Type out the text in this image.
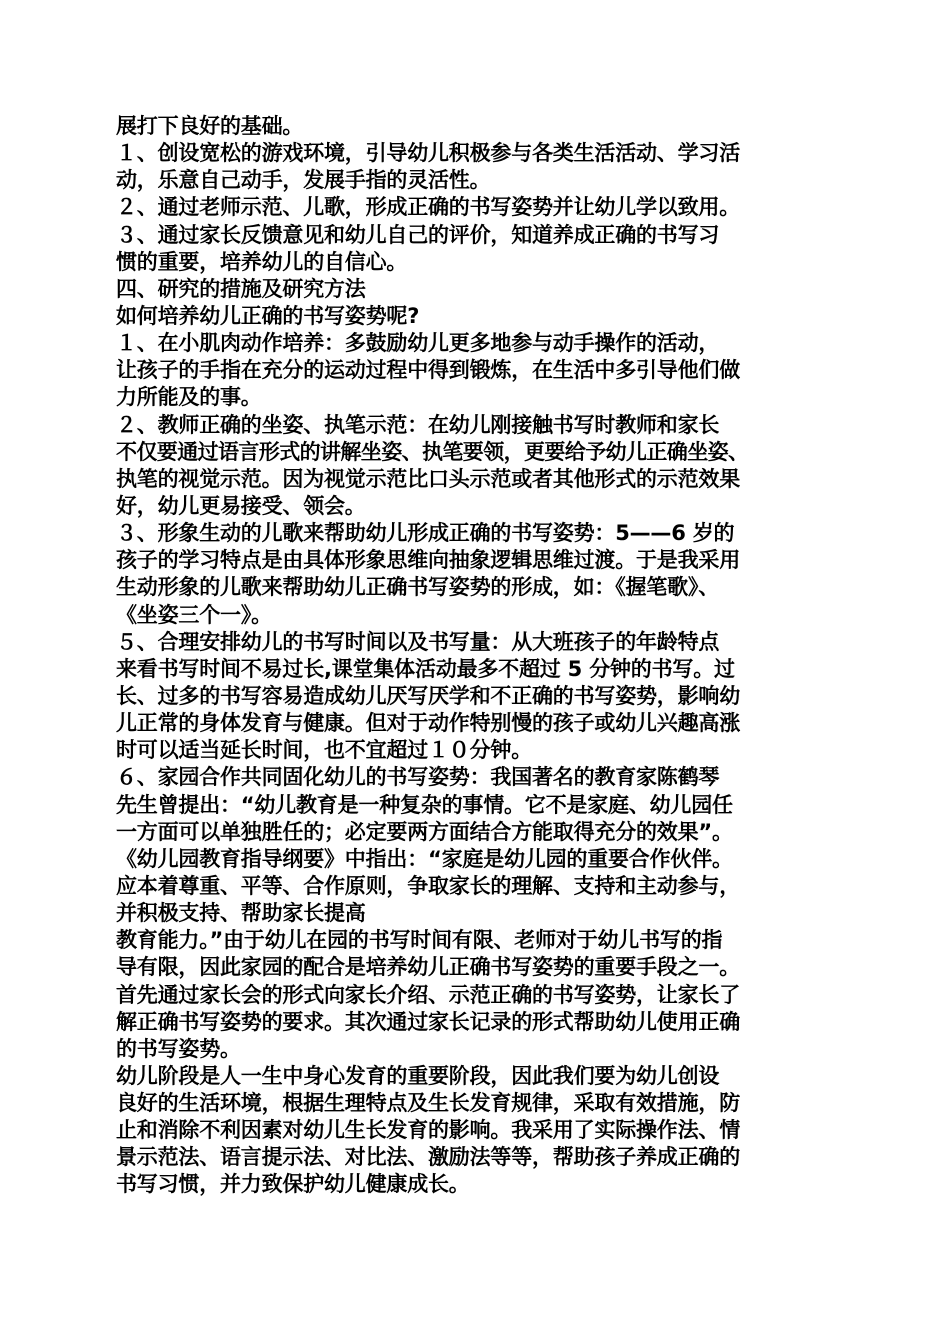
展打下良好的基础。
１、创设宽松的游戏环境，引导幼儿积极参与各类生活活动、学习活
动，乐意自己动手，发展手指的灵活性。
２、通过老师示范、儿歌，形成正确的书写姿势并让幼儿学以致用。
３、通过家长反馈意见和幼儿自己的评价，知道养成正确的书写习
惯的重要，培养幼儿的自信心。
四、研究的措施及研究方法
如何培养幼儿正确的书写姿势呢?
１、在小肌肉动作培养：多鼓励幼儿更多地参与动手操作的活动，
让孩子的手指在充分的运动过程中得到锻炼，在生活中多引导他们做
力所能及的事。
２、教师正确的坐姿、执笔示范：在幼儿刚接触书写时教师和家长
不仅要通过语言形式的讲解坐姿、执笔要领，更要给予幼儿正确坐姿、
执笔的视觉示范。因为视觉示范比口头示范或者其他形式的示范效果
好，幼儿更易接受、领会。
３、形象生动的儿歌来帮助幼儿形成正确的书写姿势：5——6 岁的
孩子的学习特点是由具体形象思维向抽象逻辑思维过渡。于是我采用
生动形象的儿歌来帮助幼儿正确书写姿势的形成，如：《握笔歌》、
《坐姿三个一》。
５、合理安排幼儿的书写时间以及书写量：从大班孩子的年龄特点
来看书写时间不易过长,课堂集体活动最多不超过 5 分钟的书写。过
长、过多的书写容易造成幼儿厌写厌学和不正确的书写姿势，影响幼
儿正常的身体发育与健康。但对于动作特别慢的孩子或幼儿兴趣高涨
时可以适当延长时间，也不宜超过１０分钟。
６、家园合作共同固化幼儿的书写姿势：我国著名的教育家陈鹤琴
先生曾提出：“幼儿教育是一种复杂的事情。它不是家庭、幼儿园任
一方面可以单独胜任的；必定要两方面结合方能取得充分的效果”。
《幼儿园教育指导纲要》中指出：“家庭是幼儿园的重要合作伙伴。
应本着尊重、平等、合作原则，争取家长的理解、支持和主动参与，
并积极支持、帮助家长提高
教育能力。”由于幼儿在园的书写时间有限、老师对于幼儿书写的指
导有限，因此家园的配合是培养幼儿正确书写姿势的重要手段之一。
首先通过家长会的形式向家长介绍、示范正确的书写姿势，让家长了
解正确书写姿势的要求。其次通过家长记录的形式帮助幼儿使用正确
的书写姿势。
幼儿阶段是人一生中身心发育的重要阶段，因此我们要为幼儿创设
良好的生活环境，根据生理特点及生长发育规律，采取有效措施，防
止和消除不利因素对幼儿生长发育的影响。我采用了实际操作法、情
景示范法、语言提示法、对比法、激励法等等，帮助孩子养成正确的
书写习惯，并力致保护幼儿健康成长。
